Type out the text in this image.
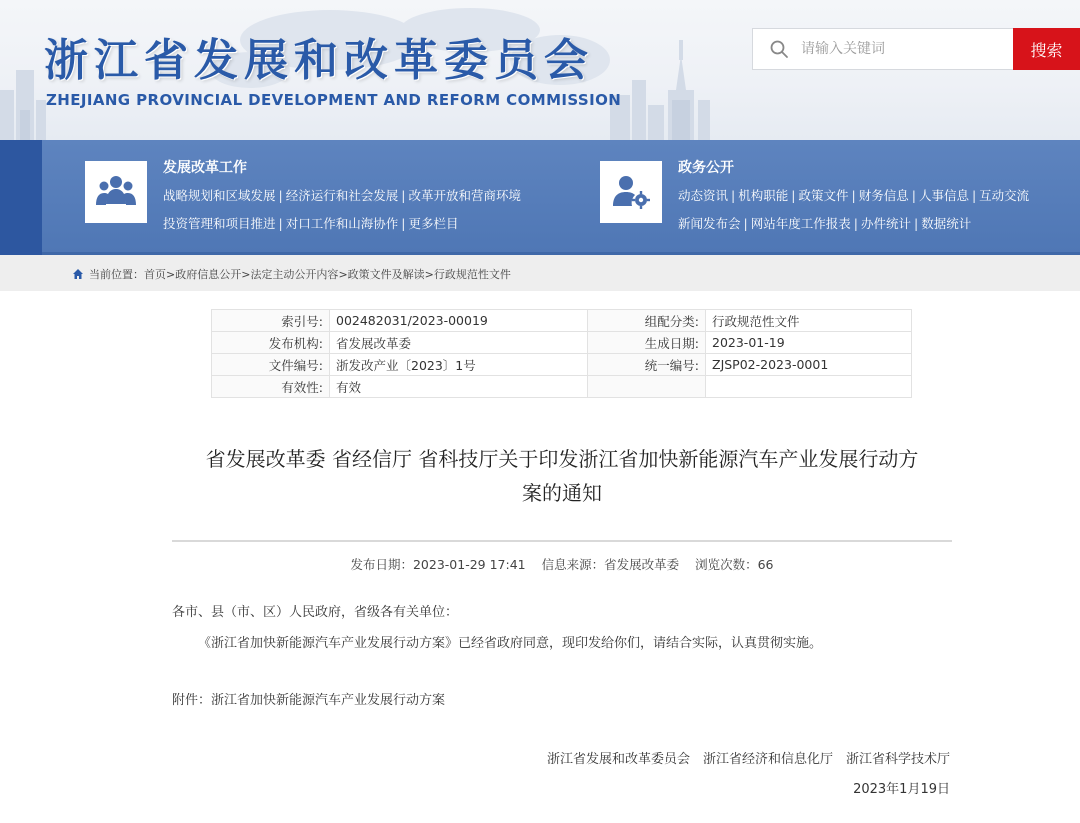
浙江省发展和改革委员会
ZHEJIANG PROVINCIAL DEVELOPMENT AND REFORM COMMISSION
请输入关键词
搜索
发展改革工作
战略规划和区域发展 | 经济运行和社会发展 | 改革开放和营商环境
投资管理和项目推进 | 对口工作和山海协作 | 更多栏目
政务公开
动态资讯 | 机构职能 | 政策文件 | 财务信息 | 人事信息 | 互动交流
新闻发布会 | 网站年度工作报表 | 办件统计 | 数据统计
当前位置： 首页>政府信息公开>法定主动公开内容>政策文件及解读>行政规范性文件
索引号:	002482031/2023-00019	组配分类:	行政规范性文件
发布机构:	省发展改革委	生成日期:	2023-01-19
文件编号:	浙发改产业〔2023〕1号	统一编号:	ZJSP02-2023-0001
有效性:	有效		
省发展改革委 省经信厅 省科技厅关于印发浙江省加快新能源汽车产业发展行动方
案的通知
发布日期：2023-01-29 17:41 信息来源：省发展改革委 浏览次数：66
各市、县（市、区）人民政府，省级各有关单位：
《浙江省加快新能源汽车产业发展行动方案》已经省政府同意，现印发给你们，请结合实际，认真贯彻实施。
附件：浙江省加快新能源汽车产业发展行动方案
浙江省发展和改革委员会　浙江省经济和信息化厅　浙江省科学技术厅
2023年1月19日
